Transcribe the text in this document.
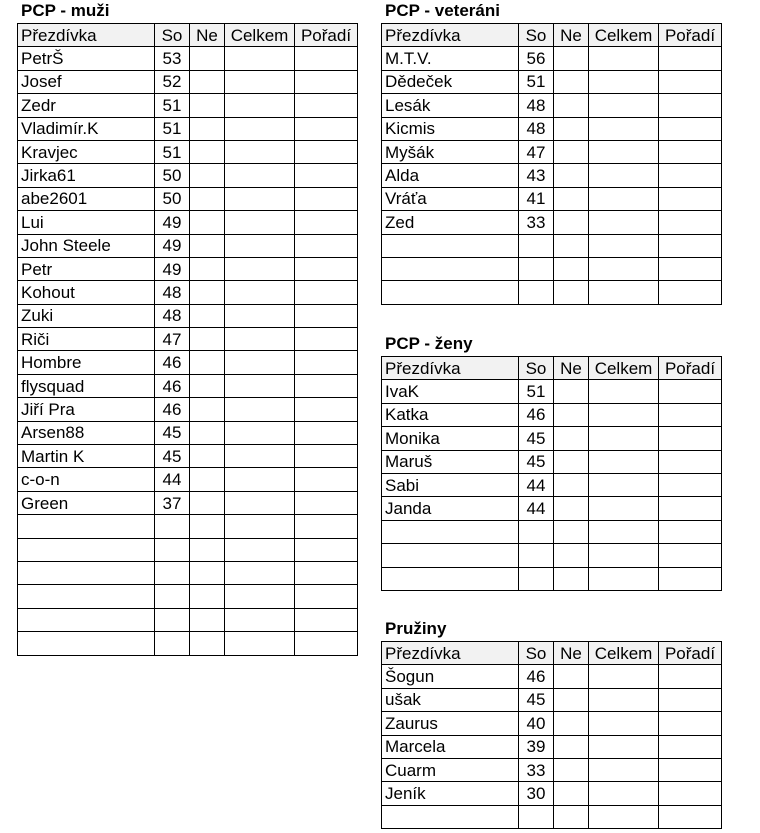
PCP - muži
Přezdívka	So	Ne	Celkem	Pořadí
PetrŠ	53			
Josef	52			
Zedr	51			
Vladimír.K	51			
Kravjec	51			
Jirka61	50			
abe2601	50			
Lui	49			
John Steele	49			
Petr	49			
Kohout	48			
Zuki	48			
Riči	47			
Hombre	46			
flysquad	46			
Jiří Pra	46			
Arsen88	45			
Martin K	45			
c-o-n	44			
Green	37			

PCP - veteráni
Přezdívka	So	Ne	Celkem	Pořadí
M.T.V.	56			
Dědeček	51			
Lesák	48			
Kicmis	48			
Myšák	47			
Alda	43			
Vráťa	41			
Zed	33			

PCP - ženy
Přezdívka	So	Ne	Celkem	Pořadí
IvaK	51			
Katka	46			
Monika	45			
Maruš	45			
Sabi	44			
Janda	44			

Pružiny
Přezdívka	So	Ne	Celkem	Pořadí
Šogun	46			
ušak	45			
Zaurus	40			
Marcela	39			
Cuarm	33			
Jeník	30			
